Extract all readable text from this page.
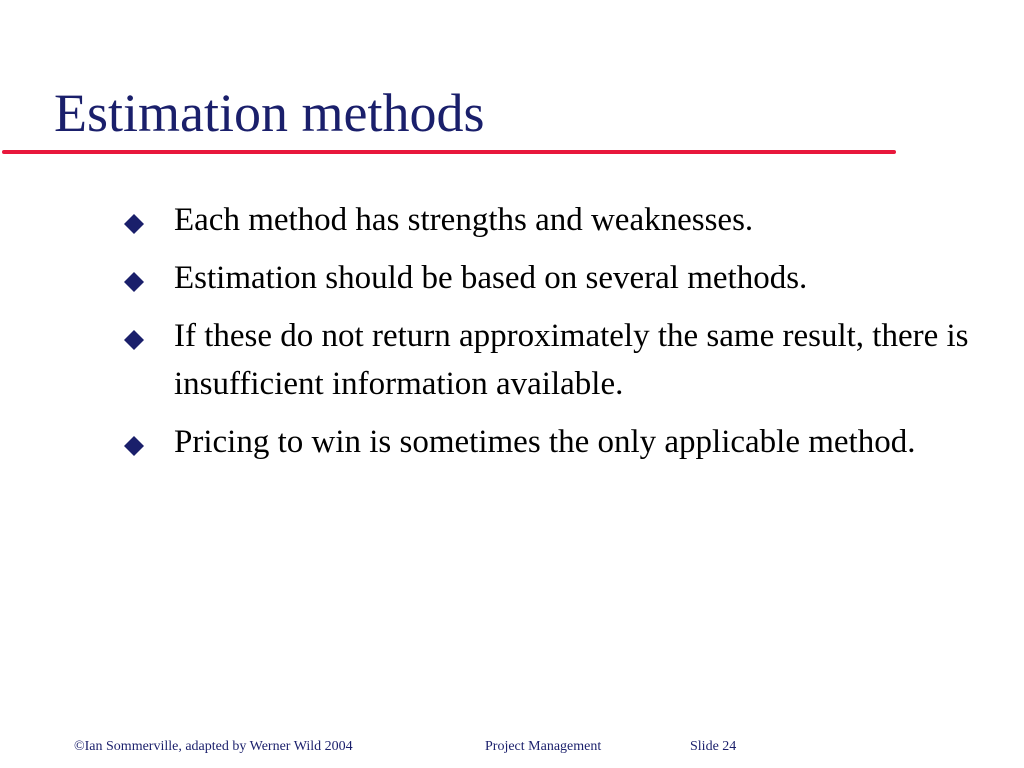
Estimation methods
Each method has strengths and weaknesses.
Estimation should be based on several methods.
If these do not return approximately the same result, there is insufficient information available.
Pricing to win is sometimes the only applicable method.
©Ian Sommerville, adapted by Werner Wild 2004	Project Management	Slide 24
